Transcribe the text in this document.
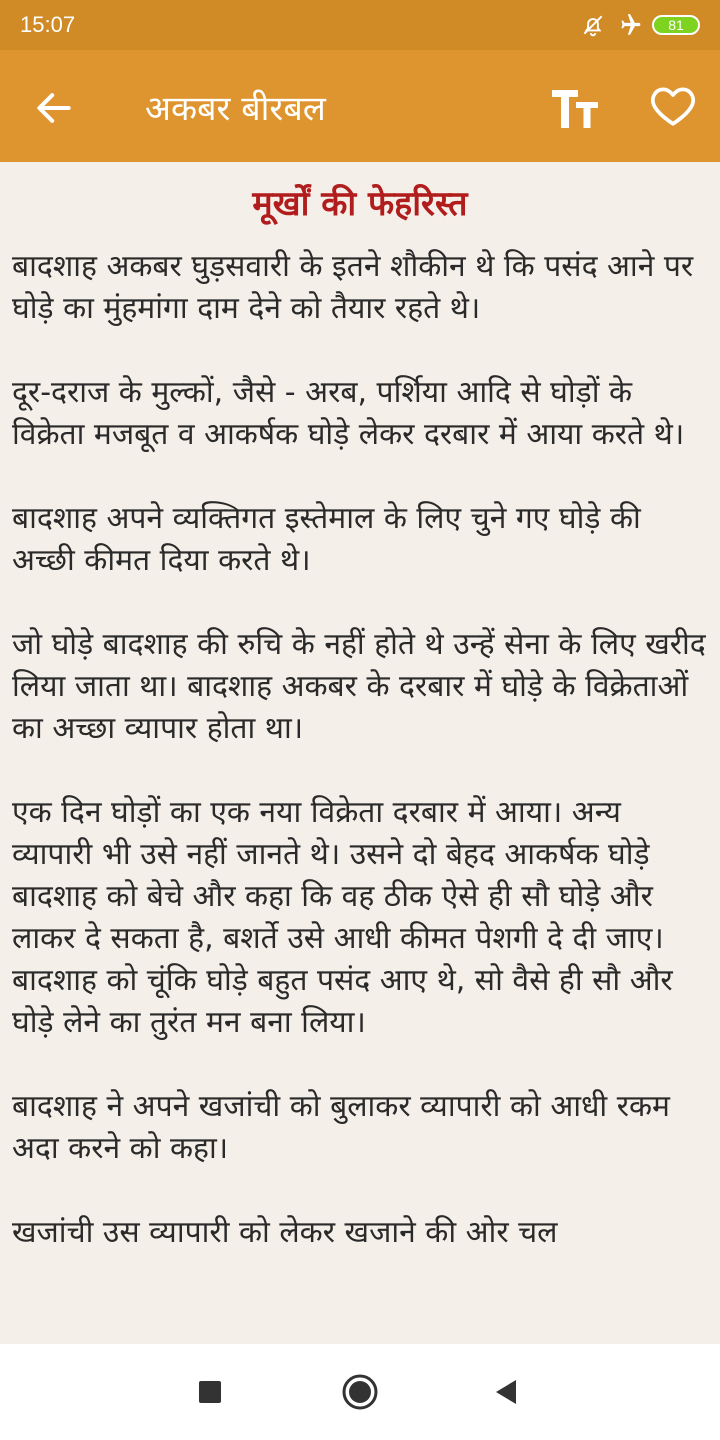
15:07	81
अकबर बीरबल
मूर्खों की फेहरिस्त

बादशाह अकबर घुड़सवारी के इतने शौकीन थे कि पसंद आने पर घोड़े का मुंहमांगा दाम देने को तैयार रहते थे।

दूर-दराज के मुल्कों, जैसे - अरब, पर्शिया आदि से घोड़ों के विक्रेता मजबूत व आकर्षक घोड़े लेकर दरबार में आया करते थे।

बादशाह अपने व्यक्तिगत इस्तेमाल के लिए चुने गए घोड़े की अच्छी कीमत दिया करते थे।

जो घोड़े बादशाह की रुचि के नहीं होते थे उन्हें सेना के लिए खरीद लिया जाता था। बादशाह अकबर के दरबार में घोड़े के विक्रेताओं का अच्छा व्यापार होता था।

एक दिन घोड़ों का एक नया विक्रेता दरबार में आया। अन्य व्यापारी भी उसे नहीं जानते थे। उसने दो बेहद आकर्षक घोड़े बादशाह को बेचे और कहा कि वह ठीक ऐसे ही सौ घोड़े और लाकर दे सकता है, बशर्ते उसे आधी कीमत पेशगी दे दी जाए। बादशाह को चूंकि घोड़े बहुत पसंद आए थे, सो वैसे ही सौ और घोड़े लेने का तुरंत मन बना लिया।

बादशाह ने अपने खजांची को बुलाकर व्यापारी को आधी रकम अदा करने को कहा।

खजांची उस व्यापारी को लेकर खजाने की ओर चल
